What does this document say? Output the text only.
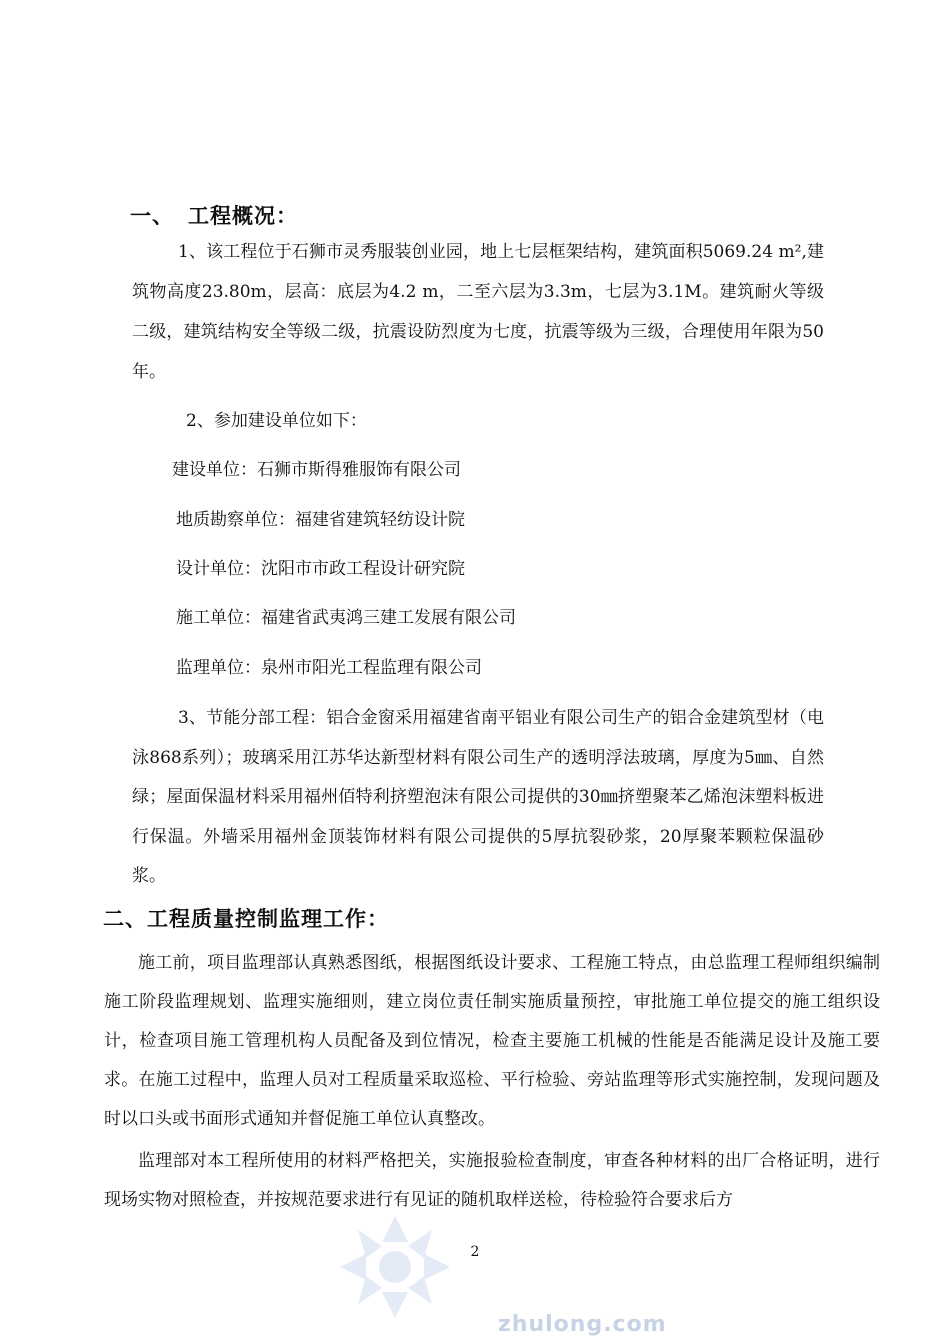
一、 工程概况：
1、该工程位于石狮市灵秀服装创业园，地上七层框架结构，建筑面积5069.24 m²,建筑物高度23.80m，层高：底层为4.2 m，二至六层为3.3m，七层为3.1M。建筑耐火等级二级，建筑结构安全等级二级，抗震设防烈度为七度，抗震等级为三级，合理使用年限为50年。
2、参加建设单位如下：
建设单位：石狮市斯得雅服饰有限公司
地质勘察单位：福建省建筑轻纺设计院
设计单位：沈阳市市政工程设计研究院
施工单位：福建省武夷鸿三建工发展有限公司
监理单位：泉州市阳光工程监理有限公司
3、节能分部工程：铝合金窗采用福建省南平铝业有限公司生产的铝合金建筑型材（电泳868系列）；玻璃采用江苏华达新型材料有限公司生产的透明浮法玻璃，厚度为5㎜、自然绿；屋面保温材料采用福州佰特利挤塑泡沫有限公司提供的30㎜挤塑聚苯乙烯泡沫塑料板进行保温。外墙采用福州金顶装饰材料有限公司提供的5厚抗裂砂浆，20厚聚苯颗粒保温砂浆。
二、工程质量控制监理工作：
施工前，项目监理部认真熟悉图纸，根据图纸设计要求、工程施工特点，由总监理工程师组织编制施工阶段监理规划、监理实施细则，建立岗位责任制实施质量预控，审批施工单位提交的施工组织设计，检查项目施工管理机构人员配备及到位情况，检查主要施工机械的性能是否能满足设计及施工要求。在施工过程中，监理人员对工程质量采取巡检、平行检验、旁站监理等形式实施控制，发现问题及时以口头或书面形式通知并督促施工单位认真整改。
监理部对本工程所使用的材料严格把关，实施报验检查制度，审查各种材料的出厂合格证明，进行现场实物对照检查，并按规范要求进行有见证的随机取样送检，待检验符合要求后方
2
zhulong.com
